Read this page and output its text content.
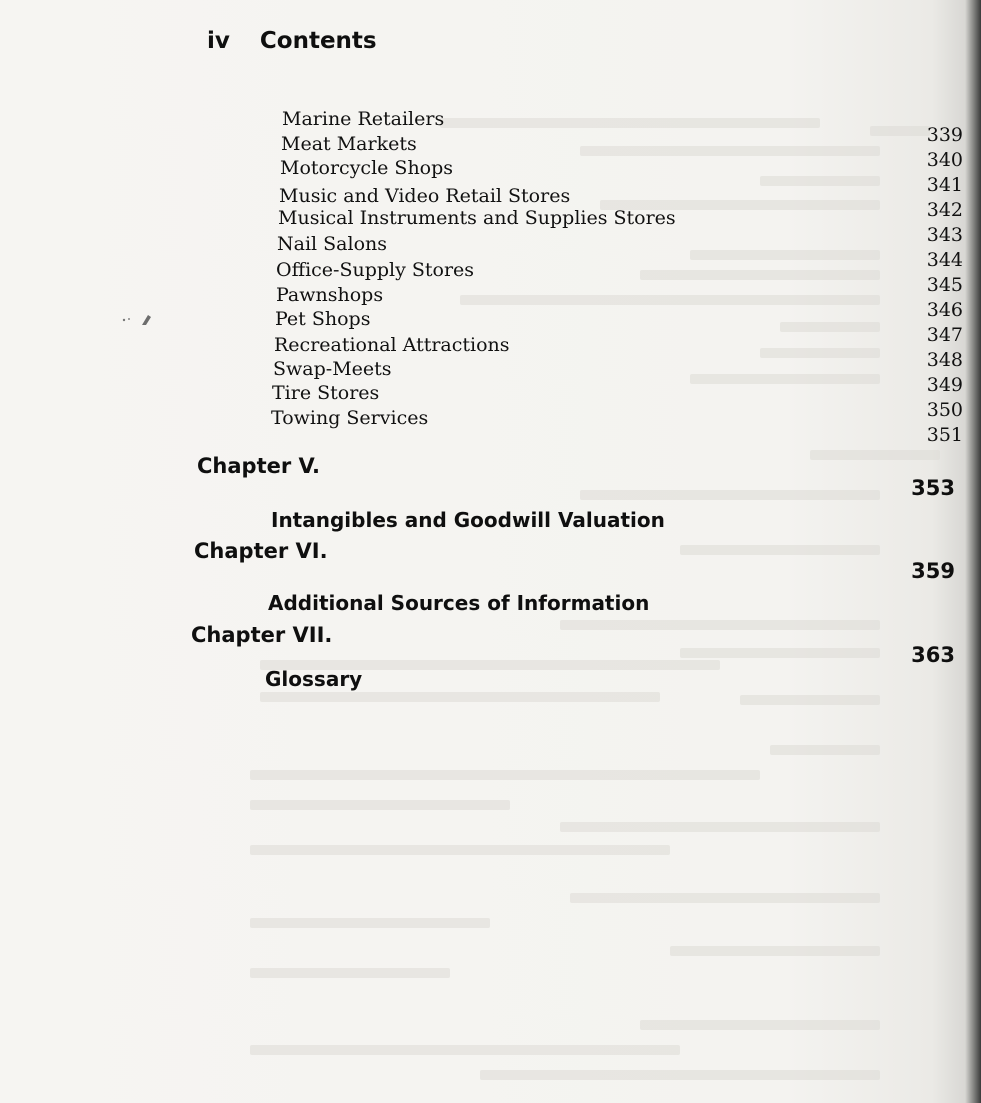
iv Contents
Marine Retailers
Meat Markets
Motorcycle Shops
Music and Video Retail Stores
Musical Instruments and Supplies Stores
Nail Salons
Office-Supply Stores
Pawnshops
Pet Shops
Recreational Attractions
Swap-Meets
Tire Stores
Towing Services
339
340
341
342
343
344
345
346
347
348
349
350
351
Chapter V.
Intangibles and Goodwill Valuation
353
Chapter VI.
Additional Sources of Information
359
Chapter VII.
Glossary
363
